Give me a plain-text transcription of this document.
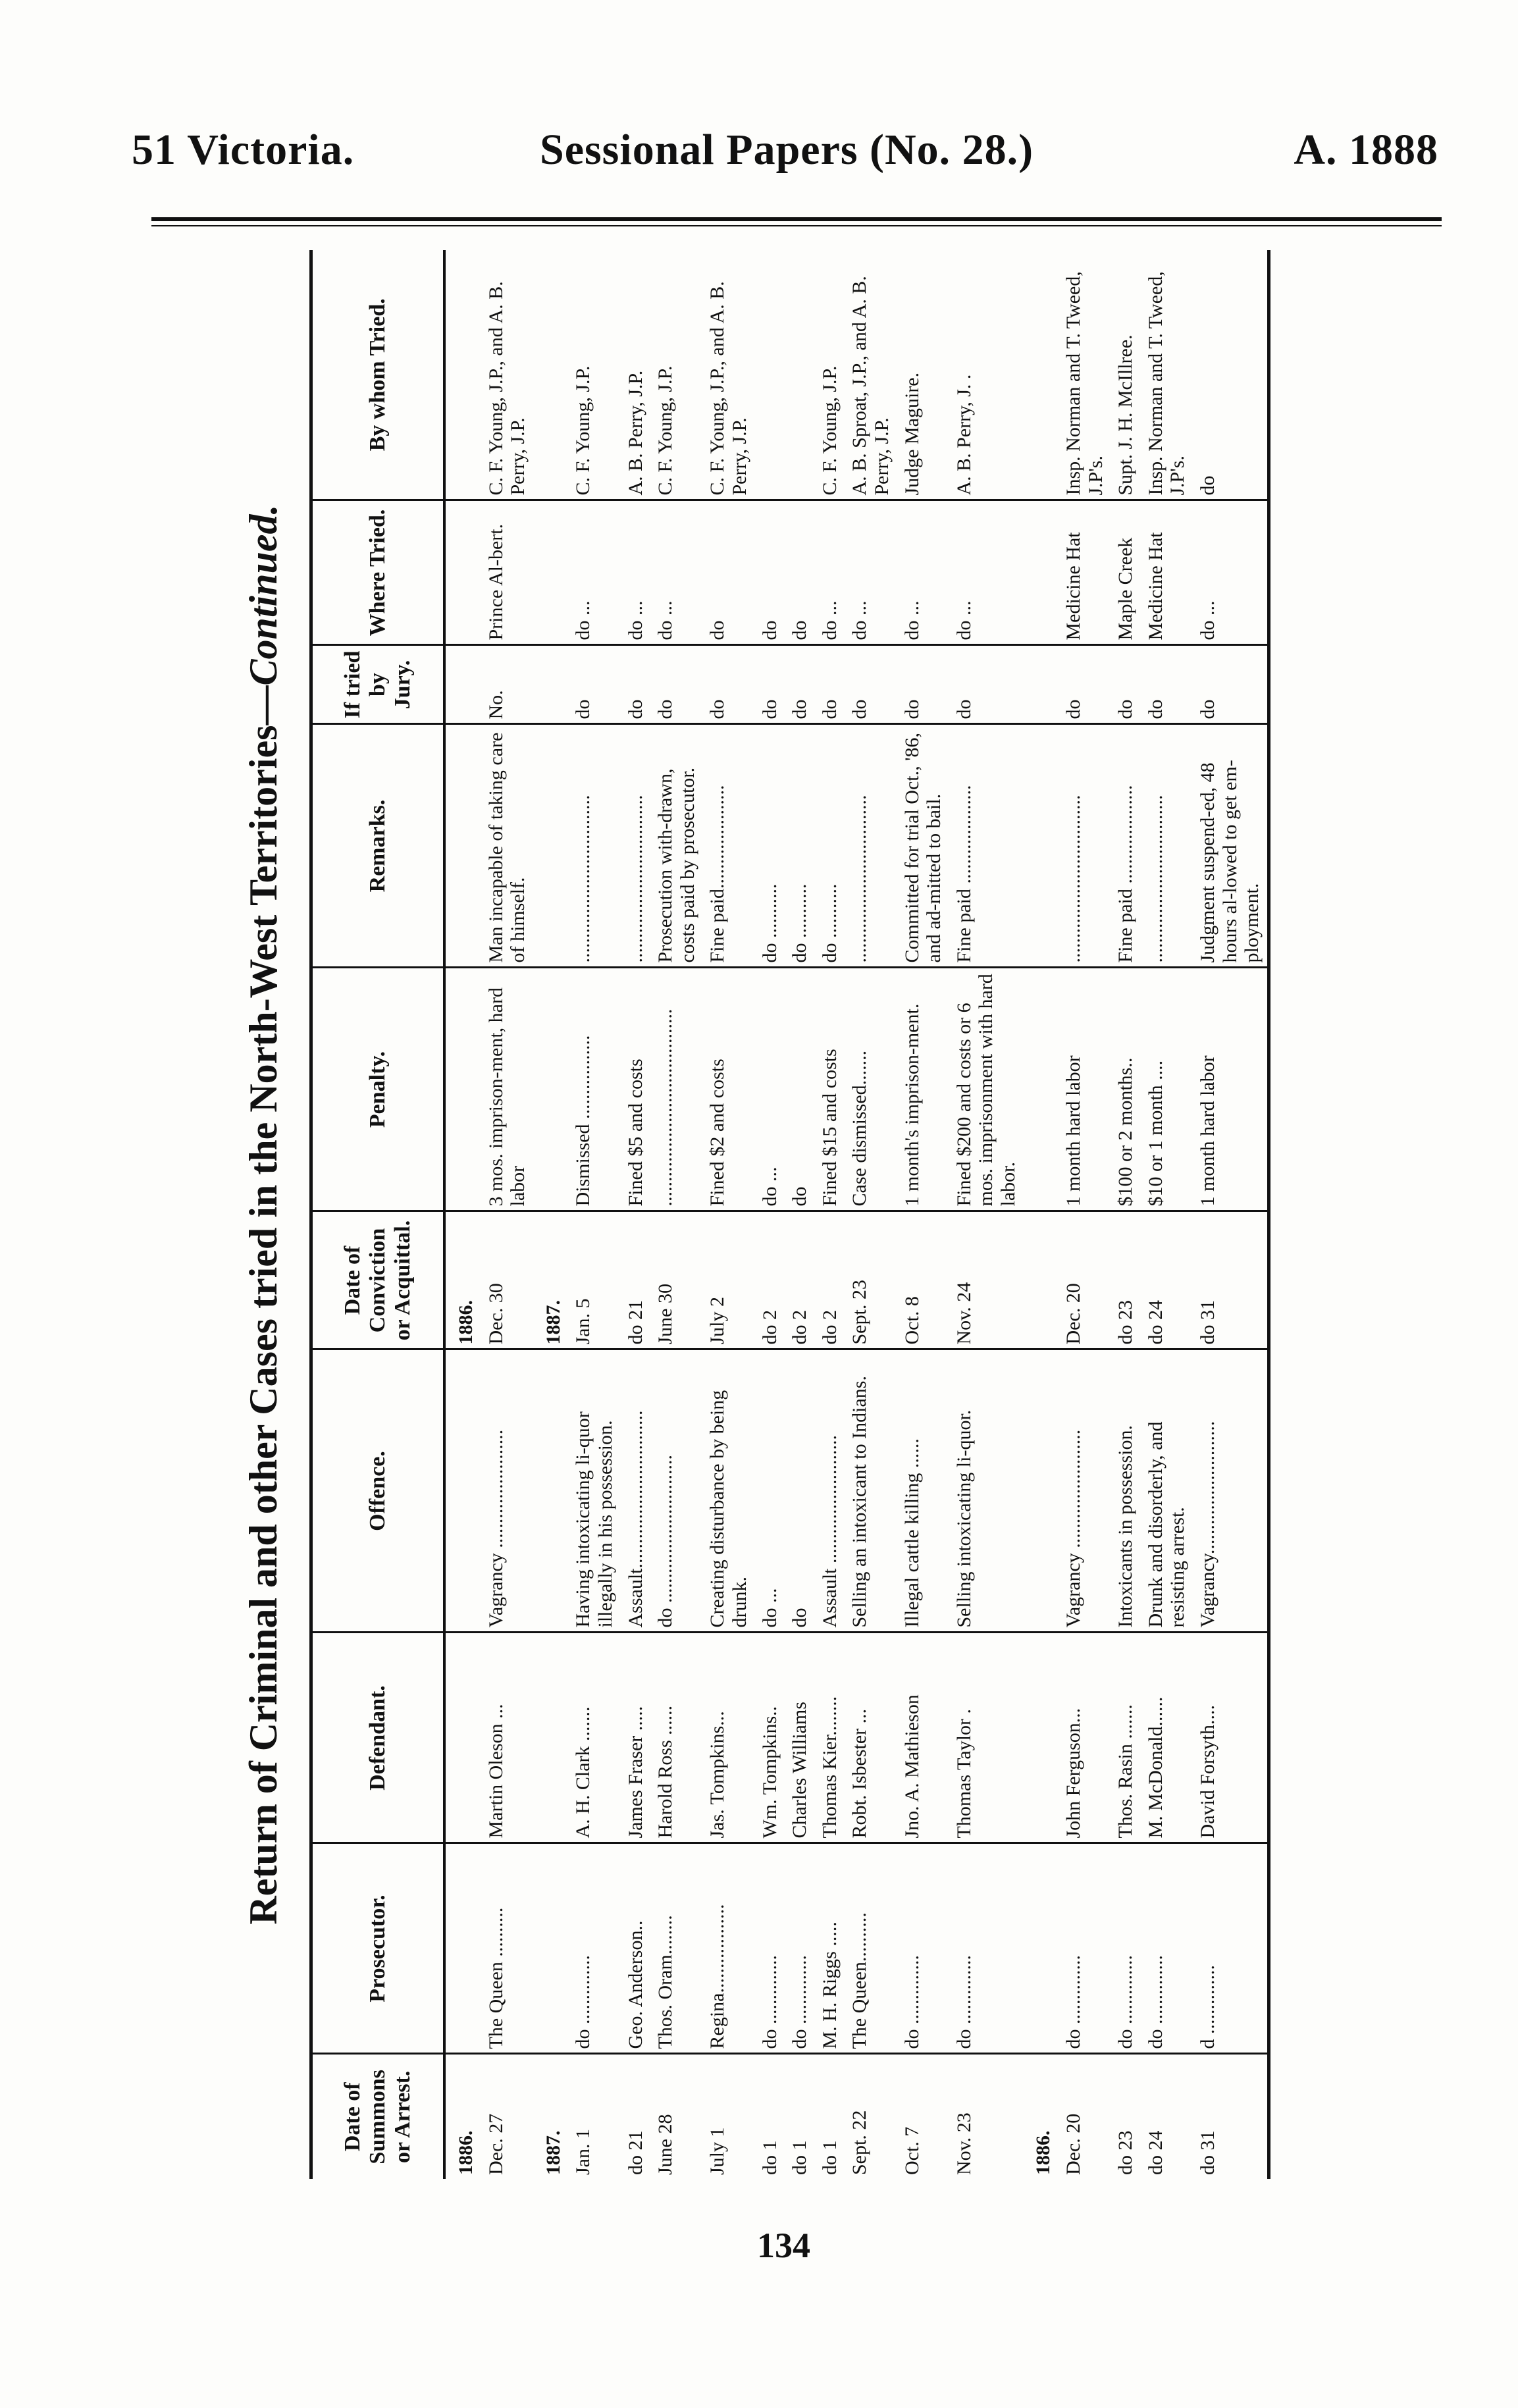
51 Victoria.	Sessional Papers (No. 28.)	A. 1888
Return of Criminal and other Cases tried in the North-West Territories—Continued.
Date of Summons or Arrest.	Prosecutor.	Defendant.	Offence.	Date of Conviction or Acquittal.	Penalty.	Remarks.	If tried by Jury.	Where Tried.	By whom Tried.
1886.				1886.					
Dec. 27	The Queen ..........	Martin Oleson ...	Vagrancy ........................	Dec. 30	3 mos. imprison-ment, hard labor	Man incapable of taking care of himself.	No.	Prince Al-bert.	C. F. Young, J.P., and A. B. Perry, J.P.
1887.				1887.					
Jan. 1	do ..............	A. H. Clark .......	Having intoxicating li-quor illegally in his possession.	Jan. 5	Dismissed .................	..................................	do	do ...	C. F. Young, J.P.
do 21	Geo. Anderson..	James Fraser .....	Assault................................	do 21	Fined $5 and costs	..................................	do	do ...	A. B. Perry, J.P.
June 28	Thos. Oram........	Harold Ross ......	do ..............................	June 30	........................................	Prosecution with-drawn, costs paid by prosecutor.	do	do ...	C. F. Young, J.P.
July 1	Regina..................	Jas. Tompkins...	Creating disturbance by being drunk.	July 2	Fined $2 and costs	Fine paid.....................	do	do	C. F. Young, J.P., and A. B. Perry, J.P.
do 1	do ..............	Wm. Tompkins..	do ...	do 2	do ...	do ...........	do	do	
do 1	do ..............	Charles Williams	do	do 2	do	do ...........	do	do	
do 1	M. H. Riggs .....	Thomas Kier........	Assault ..........................	do 2	Fined $15 and costs	do ...........	do	do ...	C. F. Young, J.P.
Sept. 22	The Queen..........	Robt. Isbester ...	Selling an intoxicant to Indians.	Sept. 23	Case dismissed.......	..................................	do	do ...	A. B. Sproat, J.P., and A. B. Perry, J.P.
Oct. 7	do ..............	Jno. A. Mathieson	Illegal cattle killing ......	Oct. 8	1 month's imprison-ment.	Committed for trial Oct., '86, and ad-mitted to bail.	do	do ...	Judge Maguire.
Nov. 23	do ..............	Thomas Taylor .	Selling intoxicating li-quor.	Nov. 24	Fined $200 and costs or 6 mos. imprisonment with hard labor.	Fine paid ....................	do	do ...	A. B. Perry, J. .
1886.									
Dec. 20	do ..............	John Ferguson...	Vagrancy ........................	Dec. 20	1 month hard labor	..................................	do	Medicine Hat	Insp. Norman and T. Tweed, J.P's.
do 23	do ..............	Thos. Rasin .......	Intoxicants in possession.	do 23	$100 or 2 months..	Fine paid ....................	do	Maple Creek	Supt. J. H. McIllree.
do 24	do ..............	M. McDonald......	Drunk and disorderly, and resisting arrest.	do 24	$10 or 1 month ....	..................................	do	Medicine Hat	Insp. Norman and T. Tweed, J.P's.
do 31	d ..............	David Forsyth....	Vagrancy...........................	do 31	1 month hard labor	Judgment suspend-ed, 48 hours al-lowed to get em-ployment.	do	do ...	do
134
